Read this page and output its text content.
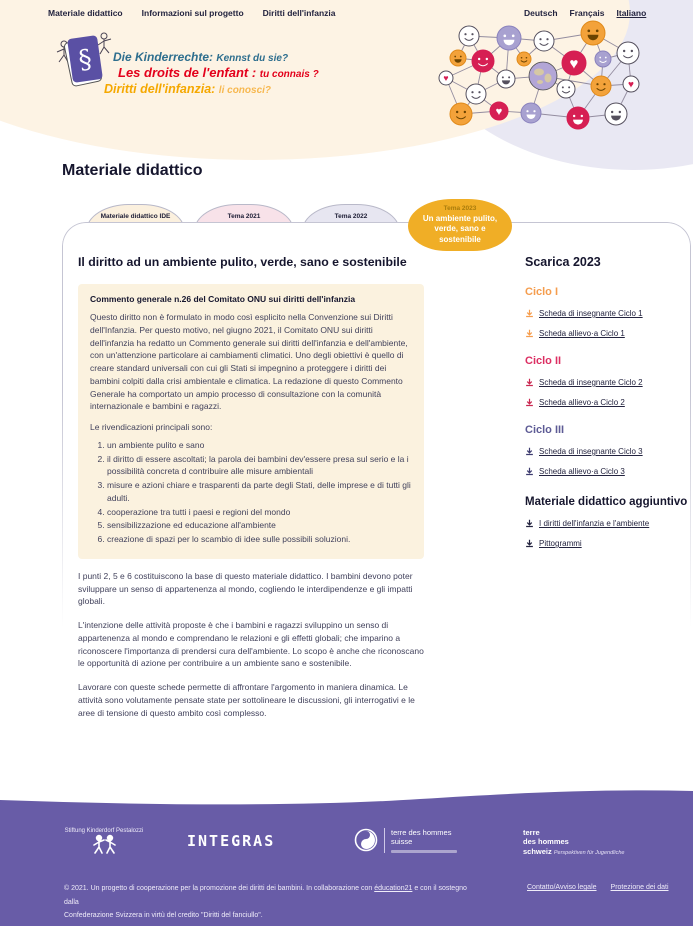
Materiale didattico Informazioni sul progetto Diritti dell'infanzia	Deutsch Français Italiano
§ Die Kinderrechte: Kennst du sie?
Les droits de l'enfant : tu connais ?
Diritti dell'infanzia: li conosci?
♥
♥
♥
♥
Materiale didattico
Materiale didattico IDE	Tema 2021	Tema 2022
Il diritto ad un ambiente pulito, verde, sano e sostenibile
Commento generale n.26 del Comitato ONU sui diritti dell'infanzia

Questo diritto non è formulato in modo così esplicito nella Convenzione sui Diritti dell'Infanzia. Per questo motivo, nel giugno 2021, il Comitato ONU sui diritti dell'infanzia ha redatto un Commento generale sui diritti dell'infanzia e dell'ambiente, con un'attenzione particolare ai cambiamenti climatici. Uno degli obiettivi è quello di creare standard universali con cui gli Stati si impegnino a proteggere i diritti dei bambini colpiti dalla crisi ambientale e climatica. La redazione di questo Commento Generale ha comportato un ampio processo di consultazione con la comunità internazionale e bambini e ragazzi.

Le rivendicazioni principali sono:

1. un ambiente pulito e sano
2. il diritto di essere ascoltati; la parola dei bambini dev'essere presa sul serio e la i possibilità concreta d contribuire alle misure ambientali
3. misure e azioni chiare e trasparenti da parte degli Stati, delle imprese e di tutti gli adulti.
4. cooperazione tra tutti i paesi e regioni del mondo
5. sensibilizzazione ed educazione all'ambiente
6. creazione di spazi per lo scambio di idee sulle possibili soluzioni.

I punti 2, 5 e 6 costituiscono la base di questo materiale didattico. I bambini devono poter sviluppare un senso di appartenenza al mondo, cogliendo le interdipendenze e gli impatti globali.

L'intenzione delle attività proposte è che i bambini e ragazzi sviluppino un senso di appartenenza al mondo e comprendano le relazioni e gli effetti globali; che imparino a riconoscere l'importanza di prendersi cura dell'ambiente. Lo scopo è anche che riconoscano le opportunità di azione per contribuire a un ambiente sano e sostenibile.

Lavorare con queste schede permette di affrontare l'argomento in maniera dinamica. Le attività sono volutamente pensate state per sottolineare le discussioni, gli interrogativi e le aree di tensione di questo ambito così complesso.

Scarica 2023
Ciclo I
Scheda di insegnante Ciclo 1
Scheda allievo·a Ciclo 1
Ciclo II
Scheda di insegnante Ciclo 2
Scheda allievo·a Ciclo 2
Ciclo III
Scheda di insegnante Ciclo 3
Scheda allievo·a Ciclo 3
Materiale didattico aggiuntivo
I diritti dell'infanzia e l'ambiente
Pittogrammi
Tema 2023
Un ambiente pulito, verde, sano e sostenibile
Stiftung Kinderdorf Pestalozzi
INTEGRAS	terre des hommes
suisse
terre
des hommes
schweiz Perspektiven für Jugendliche

© 2021. Un progetto di cooperazione per la promozione dei diritti dei bambini. In collaborazione con éducation21 e con il sostegno dalla
Confederazione Svizzera in virtù del credito "Diritti del fanciullo".

Contatto/Avviso legale Protezione dei dati
